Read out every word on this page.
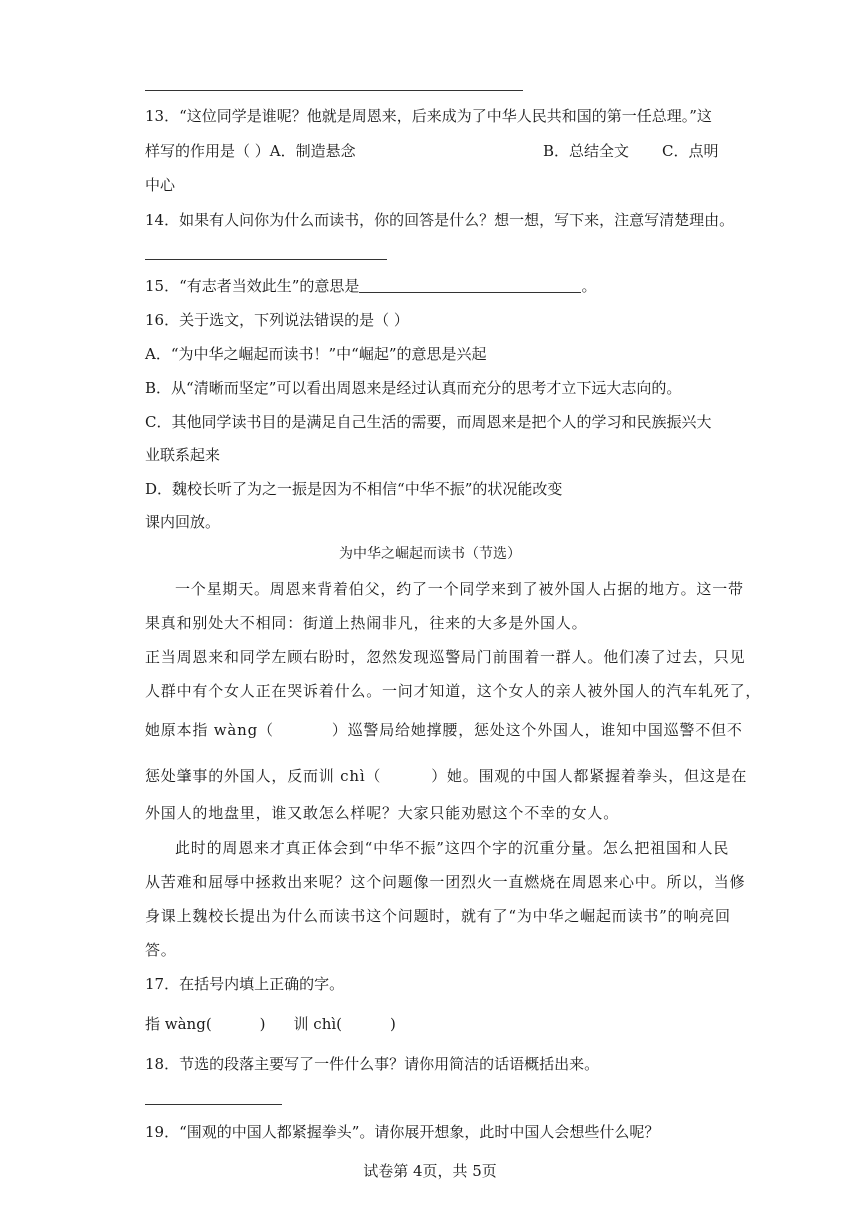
13．“这位同学是谁呢？他就是周恩来，后来成为了中华人民共和国的第一任总理。”这
样写的作用是（ ）A．制造悬念	B．总结全文 C．点明
中心
14．如果有人问你为什么而读书，你的回答是什么？想一想，写下来，注意写清楚理由。
15．“有志者当效此生”的意思是	。
16．关于选文，下列说法错误的是（ ）
A．“为中华之崛起而读书！”中“崛起”的意思是兴起
B．从“清晰而坚定”可以看出周恩来是经过认真而充分的思考才立下远大志向的。
C．其他同学读书目的是满足自己生活的需要，而周恩来是把个人的学习和民族振兴大
业联系起来
D．魏校长听了为之一振是因为不相信“中华不振”的状况能改变
课内回放。
为中华之崛起而读书（节选）
一个星期天。周恩来背着伯父，约了一个同学来到了被外国人占据的地方。这一带
果真和别处大不相同：街道上热闹非凡，往来的大多是外国人。
正当周恩来和同学左顾右盼时，忽然发现巡警局门前围着一群人。他们凑了过去，只见
人群中有个女人正在哭诉着什么。一问才知道，这个女人的亲人被外国人的汽车轧死了，
她原本指 wàng（	）巡警局给她撑腰，惩处这个外国人，谁知中国巡警不但不
惩处肇事的外国人，反而训 chì（	）她。围观的中国人都紧握着拳头，但这是在
外国人的地盘里，谁又敢怎么样呢？大家只能劝慰这个不幸的女人。
此时的周恩来才真正体会到“中华不振”这四个字的沉重分量。怎么把祖国和人民
从苦难和屈辱中拯救出来呢？这个问题像一团烈火一直燃烧在周恩来心中。所以，当修
身课上魏校长提出为什么而读书这个问题时，就有了“为中华之崛起而读书”的响亮回
答。
17．在括号内填上正确的字。
指 wàng(	) 训 chì(	)
18．节选的段落主要写了一件什么事？请你用简洁的话语概括出来。
19．“围观的中国人都紧握拳头”。请你展开想象，此时中国人会想些什么呢？
试卷第 4页，共 5页
